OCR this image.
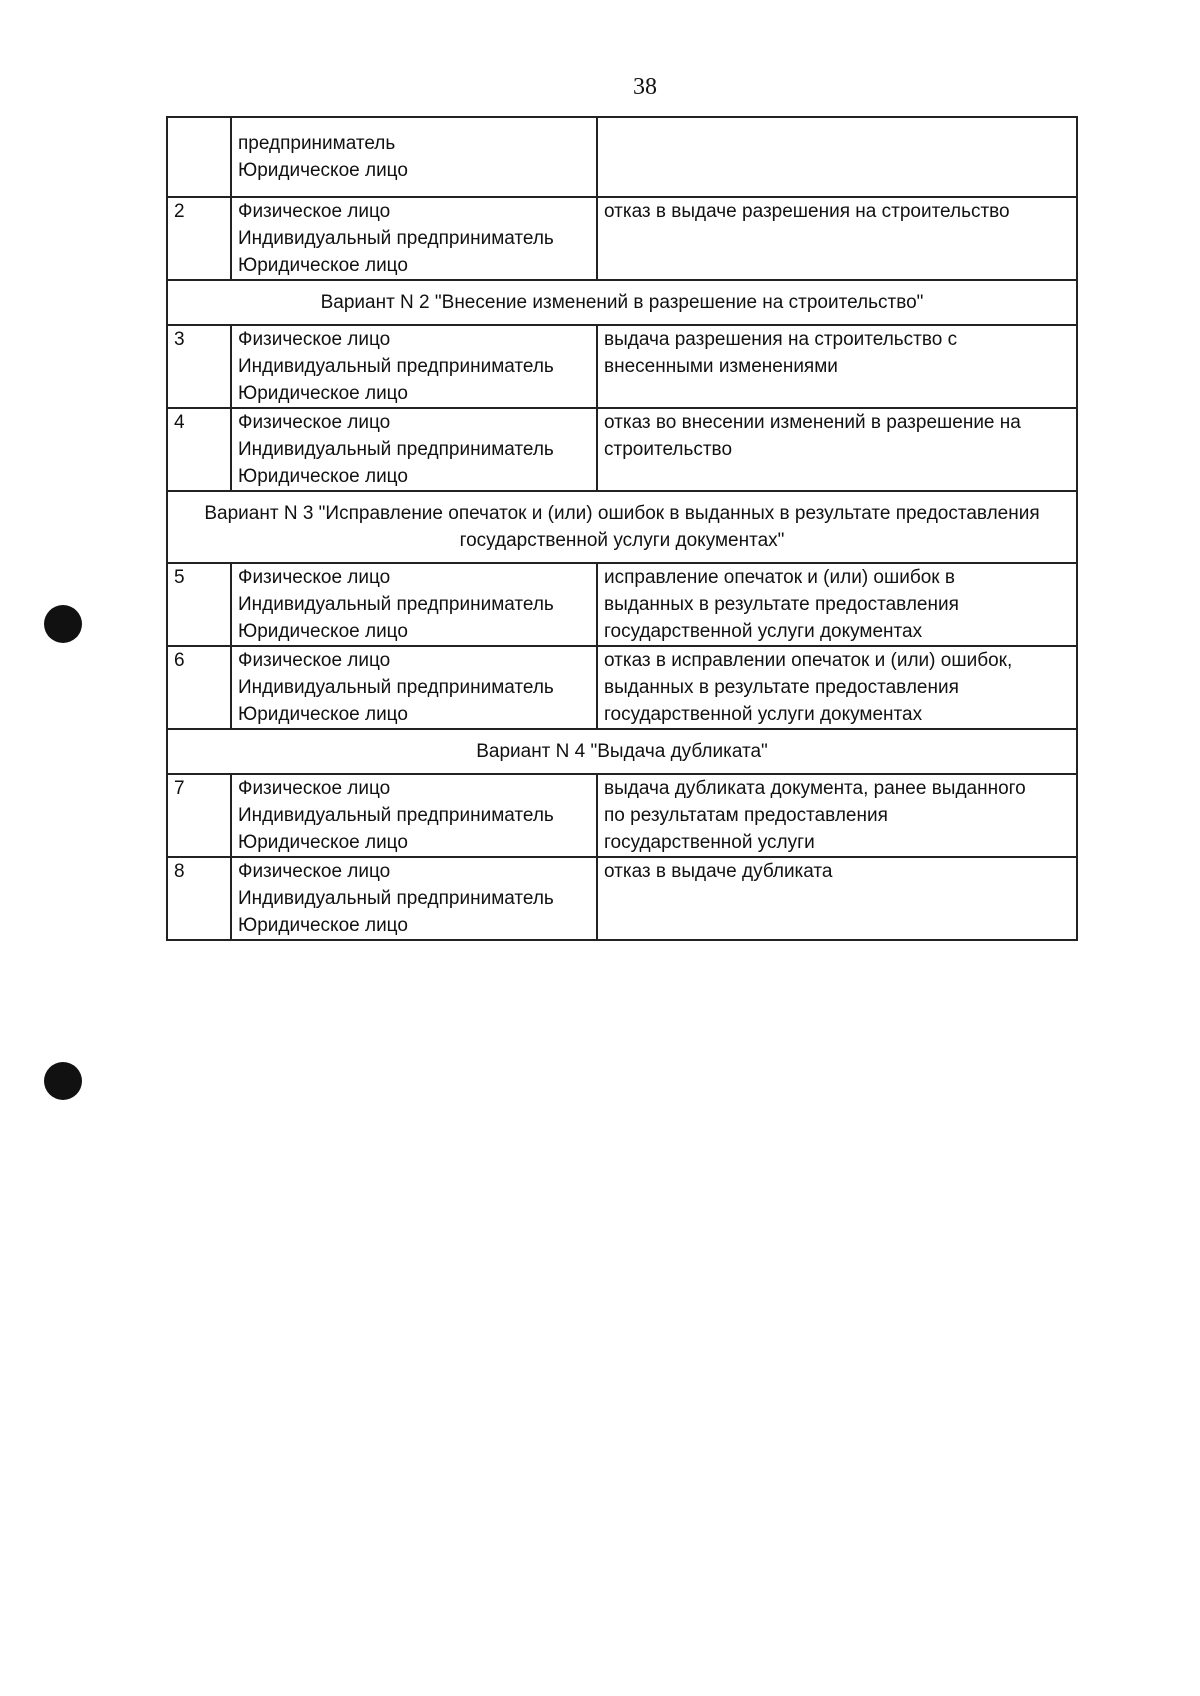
38

	предприниматель
Юридическое лицо	

2	Физическое лицо
Индивидуальный предприниматель
Юридическое лицо	отказ в выдаче разрешения на строительство

Вариант N 2 "Внесение изменений в разрешение на строительство"		
3	Физическое лицо
Индивидуальный предприниматель
Юридическое лицо	выдача разрешения на строительство с
внесенными изменениями

4	Физическое лицо
Индивидуальный предприниматель
Юридическое лицо	отказ во внесении изменений в разрешение на
строительство

Вариант N 3 "Исправление опечаток и (или) ошибок в выданных в результате предоставления
государственной услуги документах"		

5	Физическое лицо
Индивидуальный предприниматель
Юридическое лицо	исправление опечаток и (или) ошибок в
выданных в результате предоставления
государственной услуги документах

6	Физическое лицо
Индивидуальный предприниматель
Юридическое лицо	отказ в исправлении опечаток и (или) ошибок,
выданных в результате предоставления
государственной услуги документах

Вариант N 4 "Выдача дубликата"		
7	Физическое лицо
Индивидуальный предприниматель
Юридическое лицо	выдача дубликата документа, ранее выданного
по результатам предоставления
государственной услуги

8	Физическое лицо
Индивидуальный предприниматель
Юридическое лицо	отказ в выдаче дубликата
